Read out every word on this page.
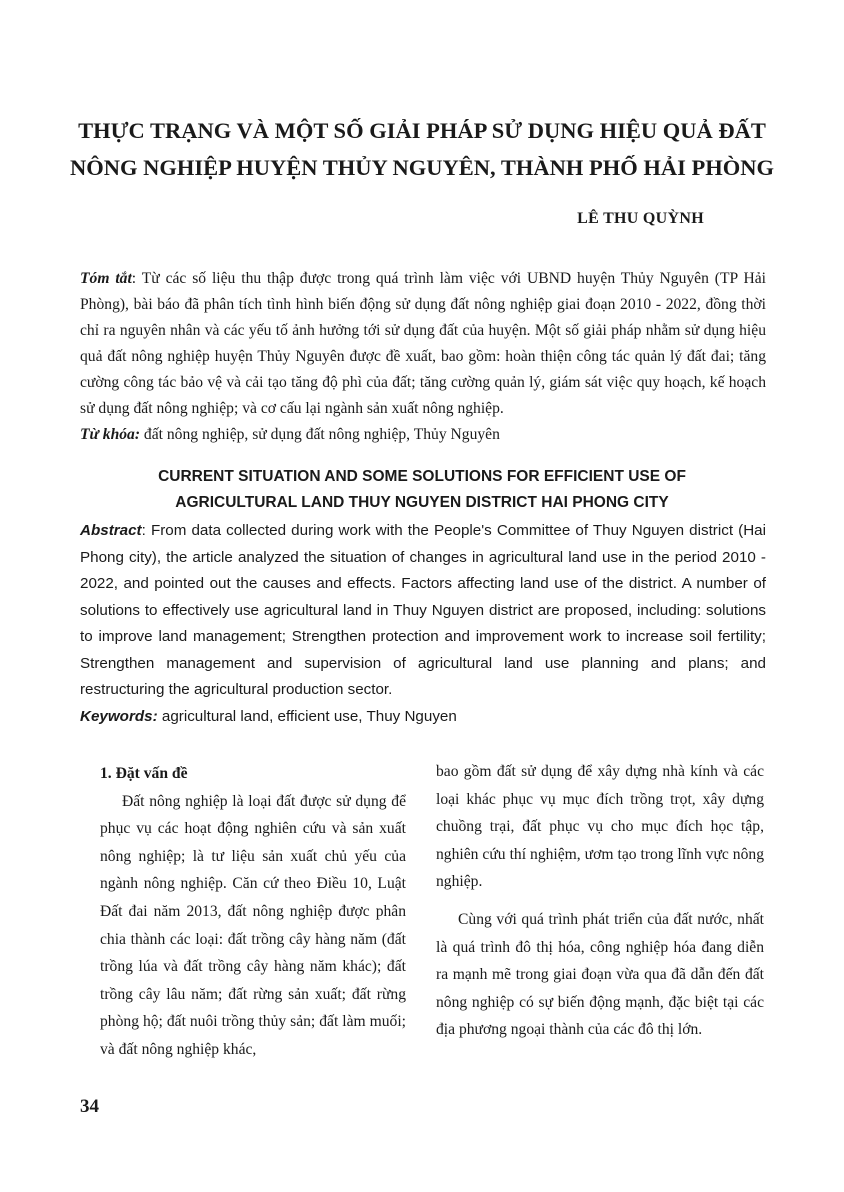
THỰC TRẠNG VÀ MỘT SỐ GIẢI PHÁP SỬ DỤNG HIỆU QUẢ ĐẤT
NÔNG NGHIỆP HUYỆN THỦY NGUYÊN, THÀNH PHỐ HẢI PHÒNG
LÊ THU QUỲNH
Tóm tắt: Từ các số liệu thu thập được trong quá trình làm việc với UBND huyện Thủy Nguyên (TP Hải Phòng), bài báo đã phân tích tình hình biến động sử dụng đất nông nghiệp giai đoạn 2010 - 2022, đồng thời chỉ ra nguyên nhân và các yếu tố ảnh hưởng tới sử dụng đất của huyện. Một số giải pháp nhằm sử dụng hiệu quả đất nông nghiệp huyện Thủy Nguyên được đề xuất, bao gồm: hoàn thiện công tác quản lý đất đai; tăng cường công tác bảo vệ và cải tạo tăng độ phì của đất; tăng cường quản lý, giám sát việc quy hoạch, kế hoạch sử dụng đất nông nghiệp; và cơ cấu lại ngành sản xuất nông nghiệp.
Từ khóa: đất nông nghiệp, sử dụng đất nông nghiệp, Thủy Nguyên
CURRENT SITUATION AND SOME SOLUTIONS FOR EFFICIENT USE OF
AGRICULTURAL LAND THUY NGUYEN DISTRICT HAI PHONG CITY
Abstract: From data collected during work with the People's Committee of Thuy Nguyen district (Hai Phong city), the article analyzed the situation of changes in agricultural land use in the period 2010 - 2022, and pointed out the causes and effects. Factors affecting land use of the district. A number of solutions to effectively use agricultural land in Thuy Nguyen district are proposed, including: solutions to improve land management; Strengthen protection and improvement work to increase soil fertility; Strengthen management and supervision of agricultural land use planning and plans; and restructuring the agricultural production sector.
Keywords: agricultural land, efficient use, Thuy Nguyen

1. Đặt vấn đề

Đất nông nghiệp là loại đất được sử dụng để phục vụ các hoạt động nghiên cứu và sản xuất nông nghiệp; là tư liệu sản xuất chủ yếu của ngành nông nghiệp. Căn cứ theo Điều 10, Luật Đất đai năm 2013, đất nông nghiệp được phân chia thành các loại: đất trồng cây hàng năm (đất trồng lúa và đất trồng cây hàng năm khác); đất trồng cây lâu năm; đất rừng sản xuất; đất rừng phòng hộ; đất nuôi trồng thủy sản; đất làm muối; và đất nông nghiệp khác,

bao gồm đất sử dụng để xây dựng nhà kính và các loại khác phục vụ mục đích trồng trọt, xây dựng chuồng trại, đất phục vụ cho mục đích học tập, nghiên cứu thí nghiệm, ươm tạo trong lĩnh vực nông nghiệp.

Cùng với quá trình phát triển của đất nước, nhất là quá trình đô thị hóa, công nghiệp hóa đang diễn ra mạnh mẽ trong giai đoạn vừa qua đã dẫn đến đất nông nghiệp có sự biến động mạnh, đặc biệt tại các địa phương ngoại thành của các đô thị lớn.

34
